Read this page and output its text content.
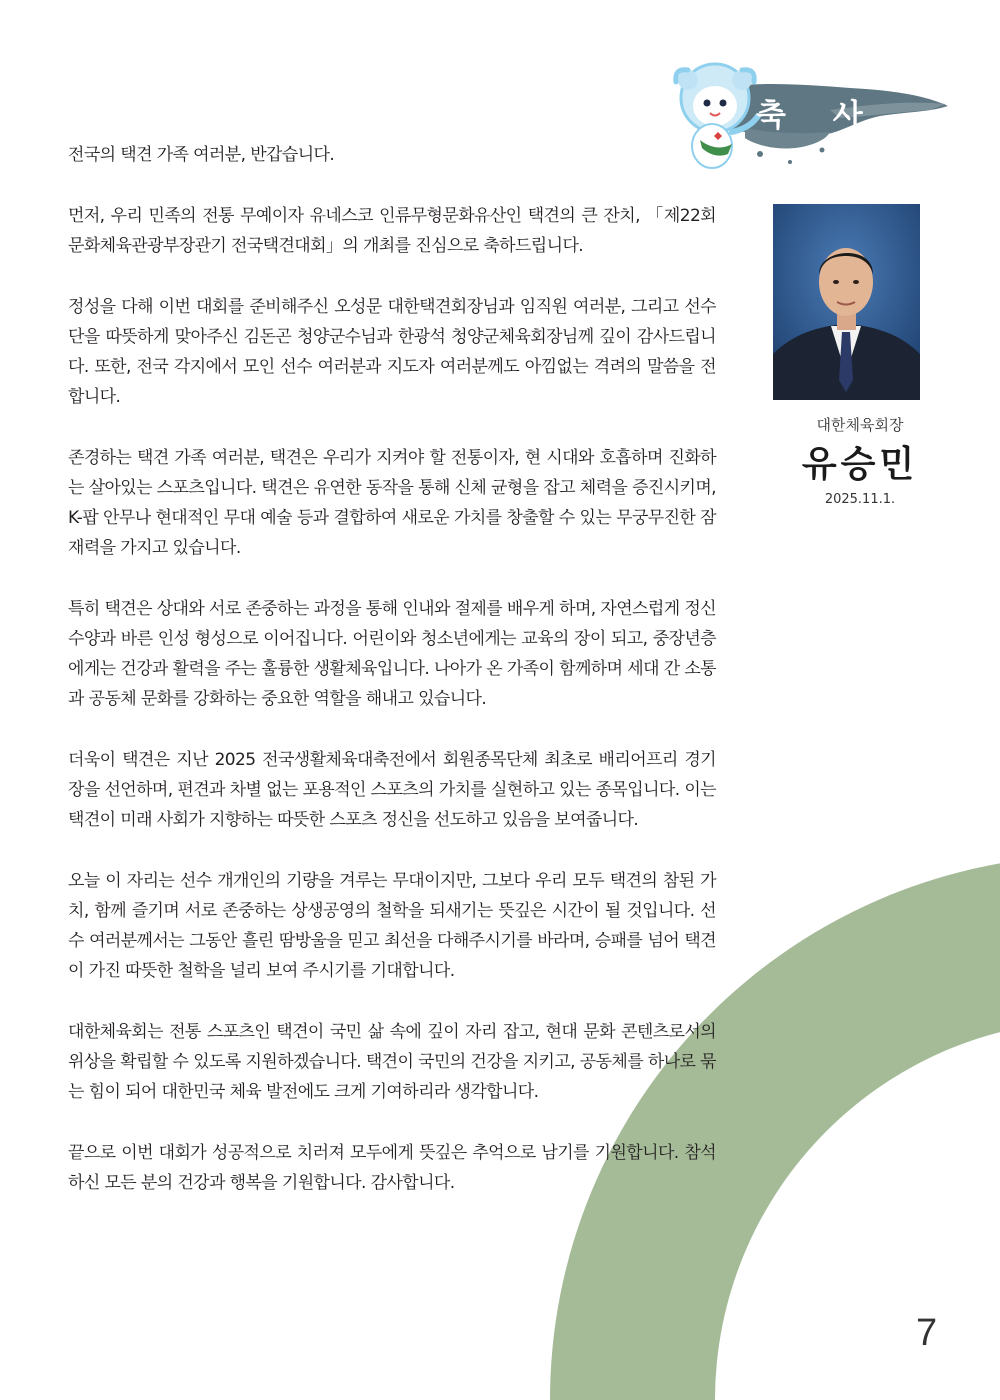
축 사

전국의 택견 가족 여러분, 반갑습니다.

먼저, 우리 민족의 전통 무예이자 유네스코 인류무형문화유산인 택견의 큰 잔치, 「제22회 문화체육관광부장관기 전국택견대회」의 개최를 진심으로 축하드립니다.

정성을 다해 이번 대회를 준비해주신 오성문 대한택견회장님과 임직원 여러분, 그리고 선수단을 따뜻하게 맞아주신 김돈곤 청양군수님과 한광석 청양군체육회장님께 깊이 감사드립니다. 또한, 전국 각지에서 모인 선수 여러분과 지도자 여러분께도 아낌없는 격려의 말씀을 전합니다.

존경하는 택견 가족 여러분, 택견은 우리가 지켜야 할 전통이자, 현 시대와 호흡하며 진화하는 살아있는 스포츠입니다. 택견은 유연한 동작을 통해 신체 균형을 잡고 체력을 증진시키며, K-팝 안무나 현대적인 무대 예술 등과 결합하여 새로운 가치를 창출할 수 있는 무궁무진한 잠재력을 가지고 있습니다.

특히 택견은 상대와 서로 존중하는 과정을 통해 인내와 절제를 배우게 하며, 자연스럽게 정신 수양과 바른 인성 형성으로 이어집니다. 어린이와 청소년에게는 교육의 장이 되고, 중장년층에게는 건강과 활력을 주는 훌륭한 생활체육입니다. 나아가 온 가족이 함께하며 세대 간 소통과 공동체 문화를 강화하는 중요한 역할을 해내고 있습니다.

더욱이 택견은 지난 2025 전국생활체육대축전에서 회원종목단체 최초로 배리어프리 경기장을 선언하며, 편견과 차별 없는 포용적인 스포츠의 가치를 실현하고 있는 종목입니다. 이는 택견이 미래 사회가 지향하는 따뜻한 스포츠 정신을 선도하고 있음을 보여줍니다.

오늘 이 자리는 선수 개개인의 기량을 겨루는 무대이지만, 그보다 우리 모두 택견의 참된 가치, 함께 즐기며 서로 존중하는 상생공영의 철학을 되새기는 뜻깊은 시간이 될 것입니다. 선수 여러분께서는 그동안 흘린 땀방울을 믿고 최선을 다해주시기를 바라며, 승패를 넘어 택견이 가진 따뜻한 철학을 널리 보여 주시기를 기대합니다.

대한체육회는 전통 스포츠인 택견이 국민 삶 속에 깊이 자리 잡고, 현대 문화 콘텐츠로서의 위상을 확립할 수 있도록 지원하겠습니다. 택견이 국민의 건강을 지키고, 공동체를 하나로 묶는 힘이 되어 대한민국 체육 발전에도 크게 기여하리라 생각합니다.

끝으로 이번 대회가 성공적으로 치러져 모두에게 뜻깊은 추억으로 남기를 기원합니다. 참석하신 모든 분의 건강과 행복을 기원합니다. 감사합니다.

대한체육회장
유승민
2025.11.1.
7
